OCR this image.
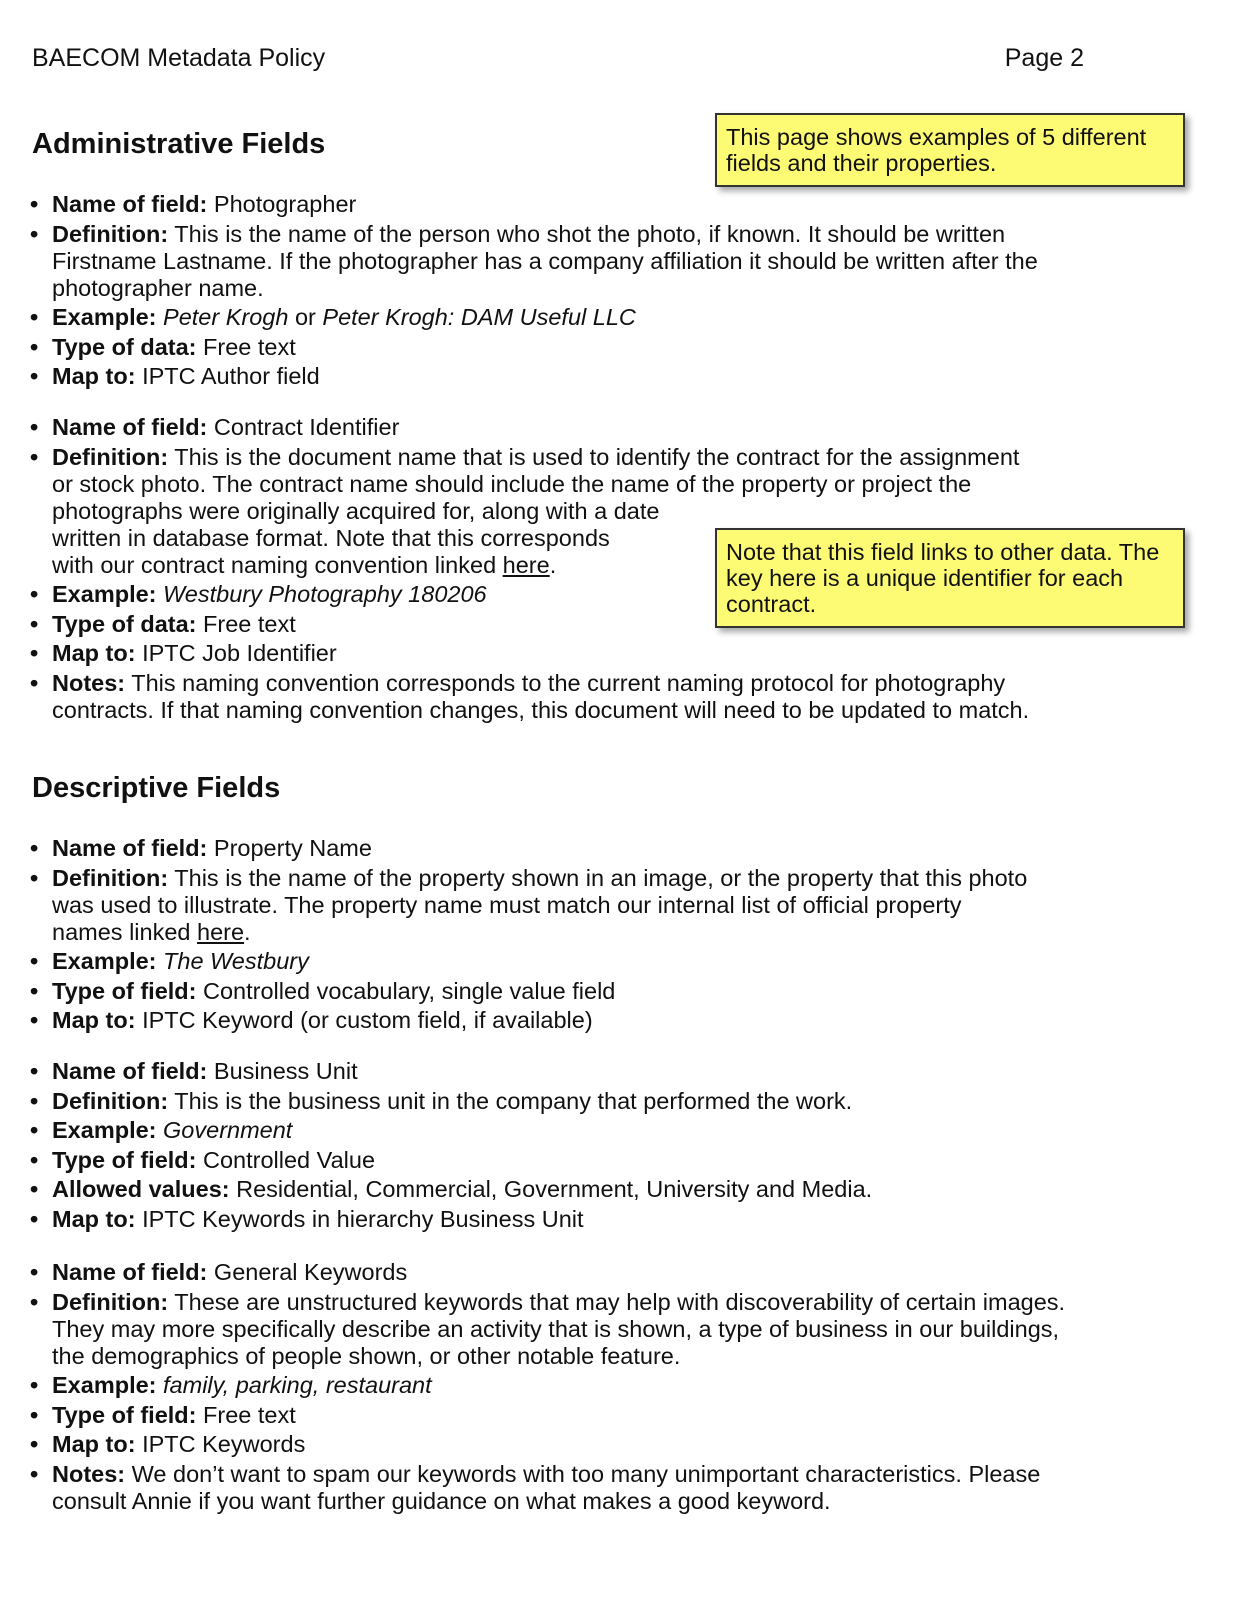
BAECOM Metadata Policy	Page 2
Administrative Fields
• Name of field: Photographer
• Definition: This is the name of the person who shot the photo, if known. It should be written Firstname Lastname. If the photographer has a company affiliation it should be written after the photographer name.
• Example: Peter Krogh or Peter Krogh: DAM Useful LLC
• Type of data: Free text
• Map to: IPTC Author field
• Name of field: Contract Identifier
• Definition: This is the document name that is used to identify the contract for the assignment
or stock photo. The contract name should include the name of the property or project the
photographs were originally acquired for, along with a date
written in database format. Note that this corresponds
with our contract naming convention linked here.
• Example: Westbury Photography 180206
• Type of data: Free text
• Map to: IPTC Job Identifier
• Notes: This naming convention corresponds to the current naming protocol for photography contracts. If that naming convention changes, this document will need to be updated to match.
Descriptive Fields
• Name of field: Property Name
• Definition: This is the name of the property shown in an image, or the property that this photo was used to illustrate. The property name must match our internal list of official property names linked here.
• Example: The Westbury
• Type of field: Controlled vocabulary, single value field
• Map to: IPTC Keyword (or custom field, if available)
• Name of field: Business Unit
• Definition: This is the business unit in the company that performed the work.
• Example: Government
• Type of field: Controlled Value
• Allowed values: Residential, Commercial, Government, University and Media.
• Map to: IPTC Keywords in hierarchy Business Unit
• Name of field: General Keywords
• Definition: These are unstructured keywords that may help with discoverability of certain images. They may more specifically describe an activity that is shown, a type of business in our buildings, the demographics of people shown, or other notable feature.
• Example: family, parking, restaurant
• Type of field: Free text
• Map to: IPTC Keywords
• Notes: We don’t want to spam our keywords with too many unimportant characteristics. Please consult Annie if you want further guidance on what makes a good keyword.
This page shows examples of 5 different fields and their properties.
Note that this field links to other data. The key here is a unique identifier for each contract.
